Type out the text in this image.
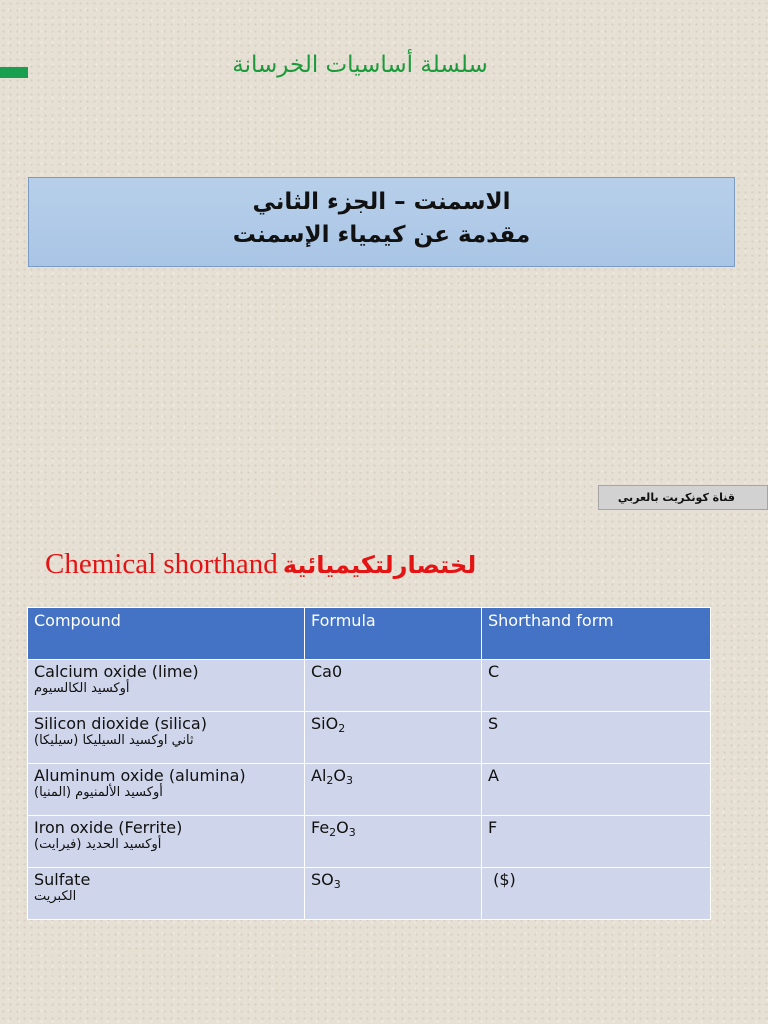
سلسلة أساسيات الخرسانة
الاسمنت – الجزء الثاني
مقدمة عن كيمياء الإسمنت
قناة كونكريت بالعربي
Chemical shorthand لختصارلتكيميائية
Compound	Formula	Shorthand form

Calcium oxide (lime)
أوكسيد الكالسيوم	Ca0	C

Silicon dioxide (silica)
ثاني اوكسيد السيليكا (سيليكا)	SiO$_2$	S

Aluminum oxide (alumina)
أوكسيد الألمنيوم (المنيا)	$Al_2O_3$	A

Iron oxide (Ferrite)
أوكسيد الحديد (فيرايت)	$Fe_2O_3$	F

Sulfate
الكبريت	$SO_3$	($)
